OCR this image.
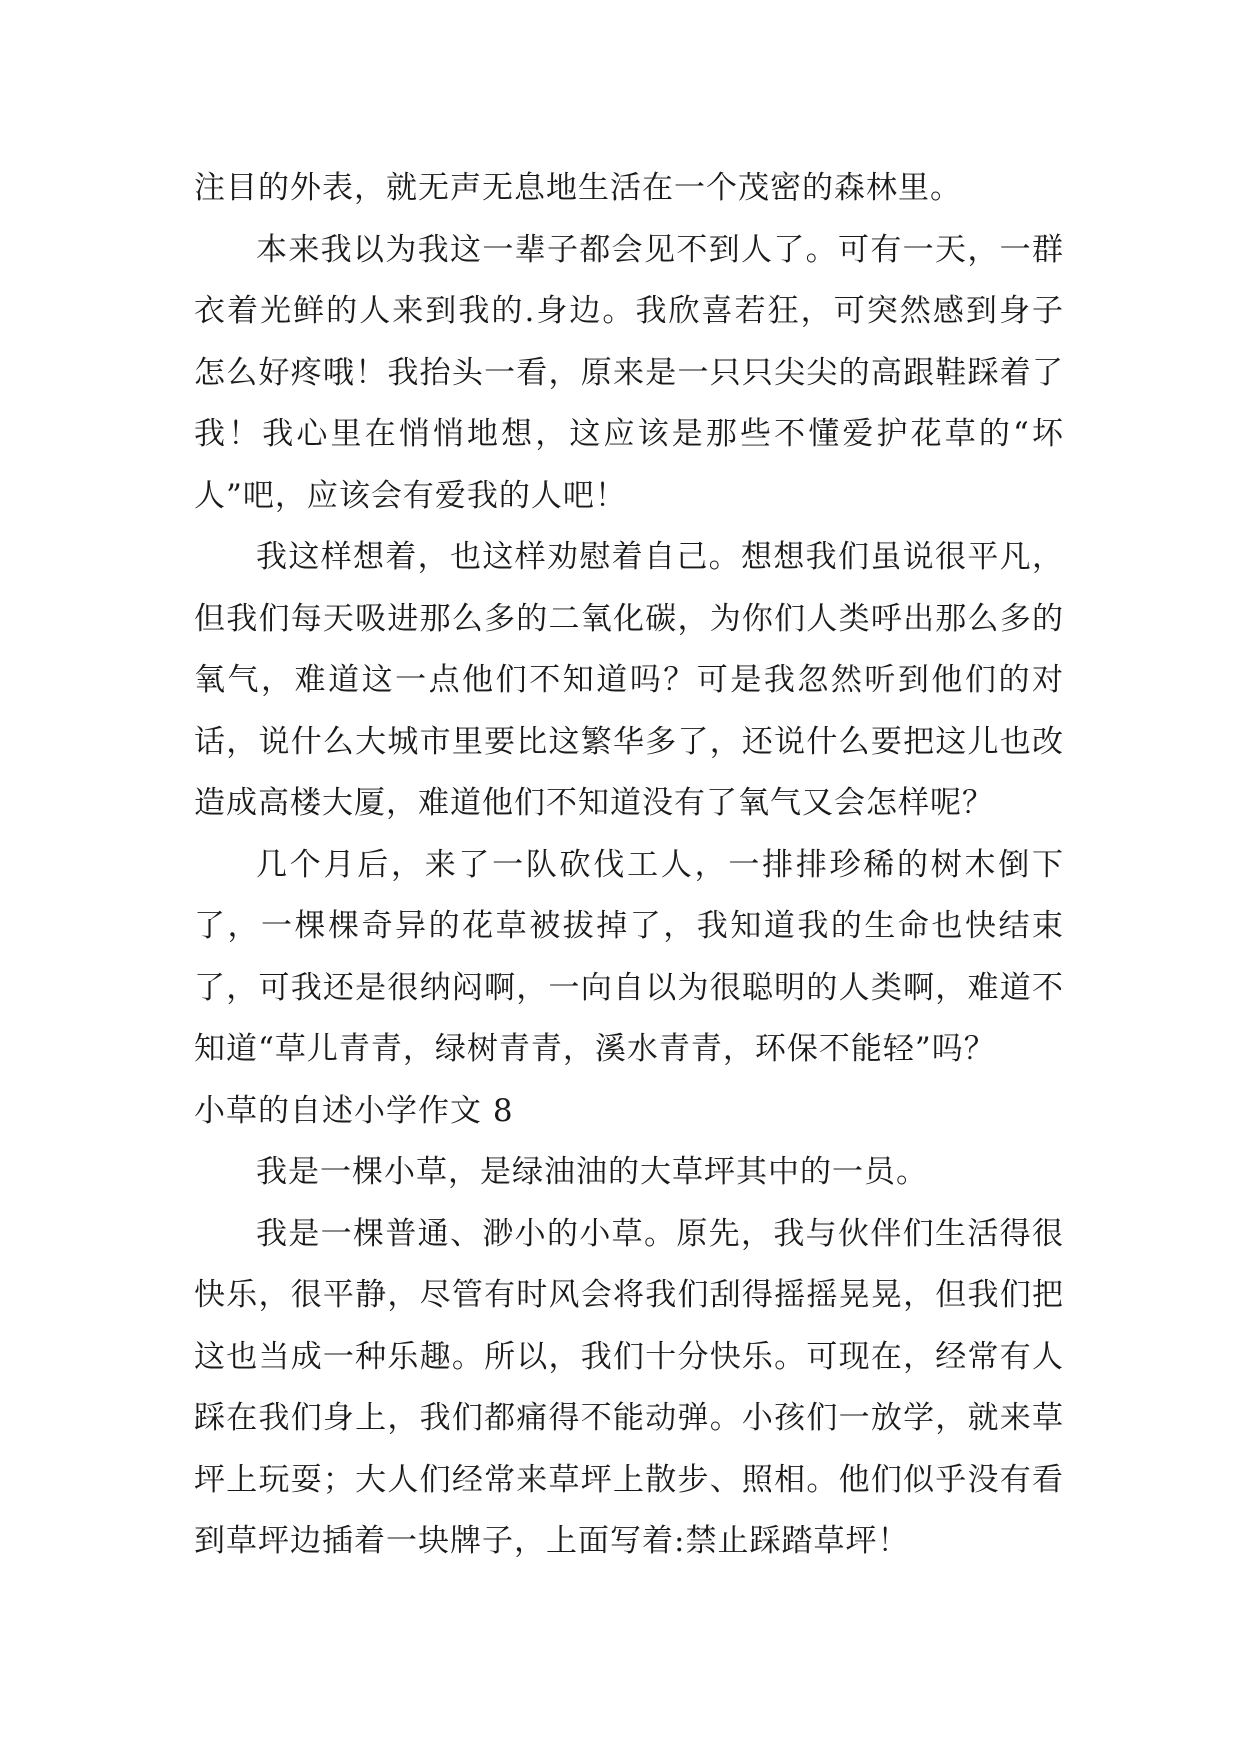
注目的外表，就无声无息地生活在一个茂密的森林里。

本来我以为我这一辈子都会见不到人了。可有一天，一群衣着光鲜的人来到我的.身边。我欣喜若狂，可突然感到身子怎么好疼哦！我抬头一看，原来是一只只尖尖的高跟鞋踩着了我！我心里在悄悄地想，这应该是那些不懂爱护花草的“坏人”吧，应该会有爱我的人吧！

我这样想着，也这样劝慰着自己。想想我们虽说很平凡，但我们每天吸进那么多的二氧化碳，为你们人类呼出那么多的氧气，难道这一点他们不知道吗？可是我忽然听到他们的对话，说什么大城市里要比这繁华多了，还说什么要把这儿也改造成高楼大厦，难道他们不知道没有了氧气又会怎样呢？

几个月后，来了一队砍伐工人，一排排珍稀的树木倒下了，一棵棵奇异的花草被拔掉了，我知道我的生命也快结束了，可我还是很纳闷啊，一向自以为很聪明的人类啊，难道不知道“草儿青青，绿树青青，溪水青青，环保不能轻”吗？

小草的自述小学作文 8

我是一棵小草，是绿油油的大草坪其中的一员。

我是一棵普通、渺小的小草。原先，我与伙伴们生活得很快乐，很平静，尽管有时风会将我们刮得摇摇晃晃，但我们把这也当成一种乐趣。所以，我们十分快乐。可现在，经常有人踩在我们身上，我们都痛得不能动弹。小孩们一放学，就来草坪上玩耍；大人们经常来草坪上散步、照相。他们似乎没有看到草坪边插着一块牌子，上面写着:禁止踩踏草坪！
